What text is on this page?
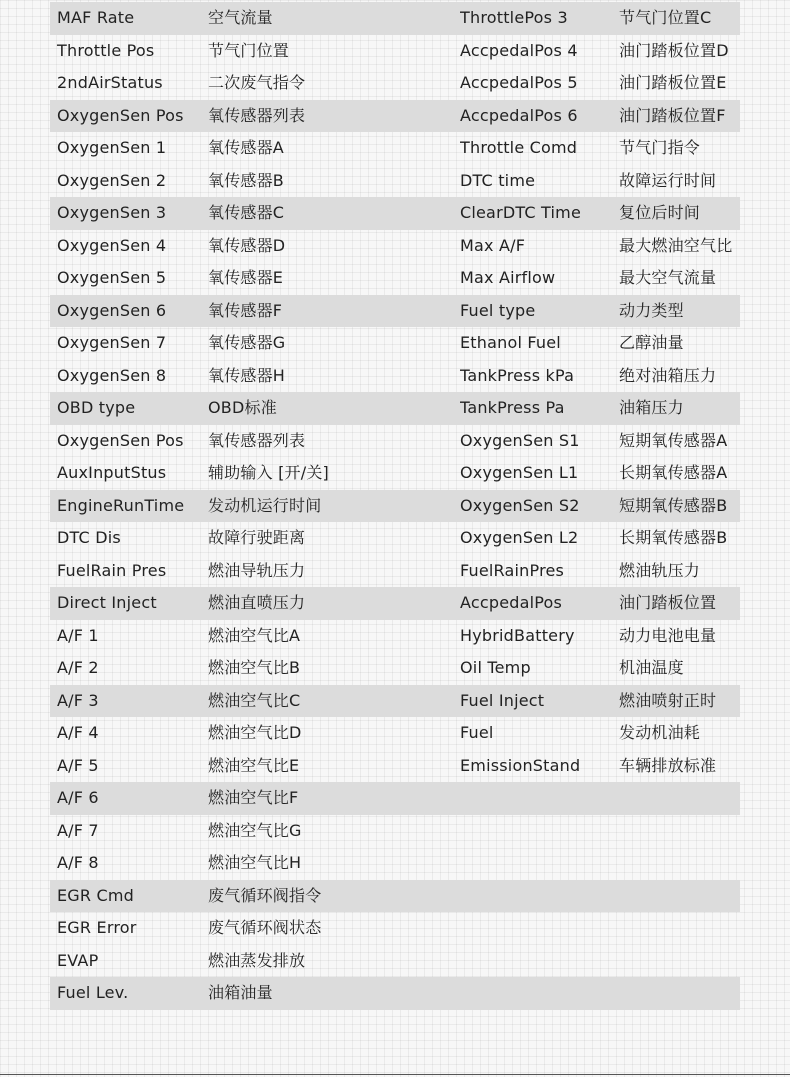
MAF Rate	空气流量	ThrottlePos 3	节气门位置C
Throttle Pos	节气门位置	AccpedalPos 4	油门踏板位置D
2ndAirStatus	二次废气指令	AccpedalPos 5	油门踏板位置E
OxygenSen Pos	氧传感器列表	AccpedalPos 6	油门踏板位置F
OxygenSen 1	氧传感器A	Throttle Comd	节气门指令
OxygenSen 2	氧传感器B	DTC time	故障运行时间
OxygenSen 3	氧传感器C	ClearDTC Time	复位后时间
OxygenSen 4	氧传感器D	Max A/F	最大燃油空气比
OxygenSen 5	氧传感器E	Max Airflow	最大空气流量
OxygenSen 6	氧传感器F	Fuel type	动力类型
OxygenSen 7	氧传感器G	Ethanol Fuel	乙醇油量
OxygenSen 8	氧传感器H	TankPress kPa	绝对油箱压力
OBD type	OBD标准	TankPress Pa	油箱压力
OxygenSen Pos	氧传感器列表	OxygenSen S1	短期氧传感器A
AuxInputStus	辅助输入 [开/关]	OxygenSen L1	长期氧传感器A
EngineRunTime	发动机运行时间	OxygenSen S2	短期氧传感器B
DTC Dis	故障行驶距离	OxygenSen L2	长期氧传感器B
FuelRain Pres	燃油导轨压力	FuelRainPres	燃油轨压力
Direct Inject	燃油直喷压力	AccpedalPos	油门踏板位置
A/F 1	燃油空气比A	HybridBattery	动力电池电量
A/F 2	燃油空气比B	Oil Temp	机油温度
A/F 3	燃油空气比C	Fuel Inject	燃油喷射正时
A/F 4	燃油空气比D	Fuel	发动机油耗
A/F 5	燃油空气比E	EmissionStand	车辆排放标准
A/F 6	燃油空气比F
A/F 7	燃油空气比G
A/F 8	燃油空气比H
EGR Cmd	废气循环阀指令
EGR Error	废气循环阀状态
EVAP	燃油蒸发排放
Fuel Lev.	油箱油量
